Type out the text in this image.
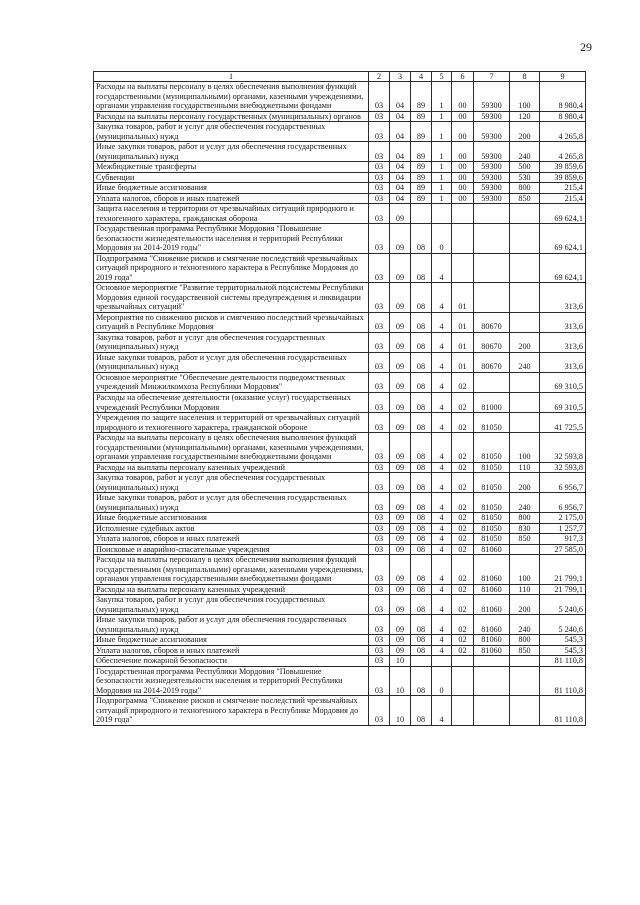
29
1	2	3	4	5	6	7	8	9
Расходы на выплаты персоналу в целях обеспечения выполнения функций государственными (муниципальными) органами, казенными учреждениями, органами управления государственными внебюджетными фондами	03	04	89	1	00	59300	100	8 980,4
Расходы на выплаты персоналу государственных (муниципальных) органов	03	04	89	1	00	59300	120	8 980,4
Закупка товаров, работ и услуг для обеспечения государственных (муниципальных) нужд	03	04	89	1	00	59300	200	4 265,8
Иные закупки товаров, работ и услуг для обеспечения государственных (муниципальных) нужд	03	04	89	1	00	59300	240	4 265,8
Межбюджетные трансферты	03	04	89	1	00	59300	500	39 859,6
Субвенции	03	04	89	1	00	59300	530	39 859,6
Иные бюджетные ассигнования	03	04	89	1	00	59300	800	215,4
Уплата налогов, сборов и иных платежей	03	04	89	1	00	59300	850	215,4
Защита населения и территории от чрезвычайных ситуаций природного и техногенного характера, гражданская оборона	03	09						69 624,1
Государственная программа Республики Мордовия "Повышение безопасности жизнедеятельности населения и территорий Республики Мордовия на 2014-2019 годы"	03	09	08	0				69 624,1
Подпрограмма "Снижение рисков и смягчение последствий чрезвычайных ситуаций природного и техногенного характера в Республике Мордовия до 2019 года"	03	09	08	4				69 624,1
Основное мероприятие "Развитие территориальной подсистемы Республики Мордовия единой государственной системы предупреждения и ликвидации чрезвычайных ситуаций"	03	09	08	4	01			313,6
Мероприятия по снижению рисков и смягчению последствий чрезвычайных ситуаций в Республике Мордовия	03	09	08	4	01	80670		313,6
Закупка товаров, работ и услуг для обеспечения государственных (муниципальных) нужд	03	09	08	4	01	80670	200	313,6
Иные закупки товаров, работ и услуг для обеспечения государственных (муниципальных) нужд	03	09	08	4	01	80670	240	313,6
Основное мероприятие "Обеспечение деятельности подведомственных учреждений Минжилкомхоза Республики Мордовия"	03	09	08	4	02			69 310,5
Расходы на обеспечение деятельности (оказание услуг) государственных учреждений Республики Мордовия	03	09	08	4	02	81000		69 310,5
Учреждения по защите населения и территорий от чрезвычайных ситуаций природного и техногенного характера, гражданской обороне	03	09	08	4	02	81050		41 725,5
Расходы на выплаты персоналу в целях обеспечения выполнения функций государственными (муниципальными) органами, казенными учреждениями, органами управления государственными внебюджетными фондами	03	09	08	4	02	81050	100	32 593,8
Расходы на выплаты персоналу казенных учреждений	03	09	08	4	02	81050	110	32 593,8
Закупка товаров, работ и услуг для обеспечения государственных (муниципальных) нужд	03	09	08	4	02	81050	200	6 956,7
Иные закупки товаров, работ и услуг для обеспечения государственных (муниципальных) нужд	03	09	08	4	02	81050	240	6 956,7
Иные бюджетные ассигнования	03	09	08	4	02	81050	800	2 175,0
Исполнение судебных актов	03	09	08	4	02	81050	830	1 257,7
Уплата налогов, сборов и иных платежей	03	09	08	4	02	81050	850	917,3
Поисковые и аварийно-спасательные учреждения	03	09	08	4	02	81060		27 585,0
Расходы на выплаты персоналу в целях обеспечения выполнения функций государственными (муниципальными) органами, казенными учреждениями, органами управления государственными внебюджетными фондами	03	09	08	4	02	81060	100	21 799,1
Расходы на выплаты персоналу казенных учреждений	03	09	08	4	02	81060	110	21 799,1
Закупка товаров, работ и услуг для обеспечения государственных (муниципальных) нужд	03	09	08	4	02	81060	200	5 240,6
Иные закупки товаров, работ и услуг для обеспечения государственных (муниципальных) нужд	03	09	08	4	02	81060	240	5 240,6
Иные бюджетные ассигнования	03	09	08	4	02	81060	800	545,3
Уплата налогов, сборов и иных платежей	03	09	08	4	02	81060	850	545,3
Обеспечение пожарной безопасности	03	10						81 110,8
Государственная программа Республики Мордовия "Повышение безопасности жизнедеятельности населения и территорий Республики Мордовия на 2014-2019 годы"	03	10	08	0				81 110,8
Подпрограмма "Снижение рисков и смягчение последствий чрезвычайных ситуаций природного и техногенного характера в Республике Мордовия до 2019 года"	03	10	08	4				81 110,8
